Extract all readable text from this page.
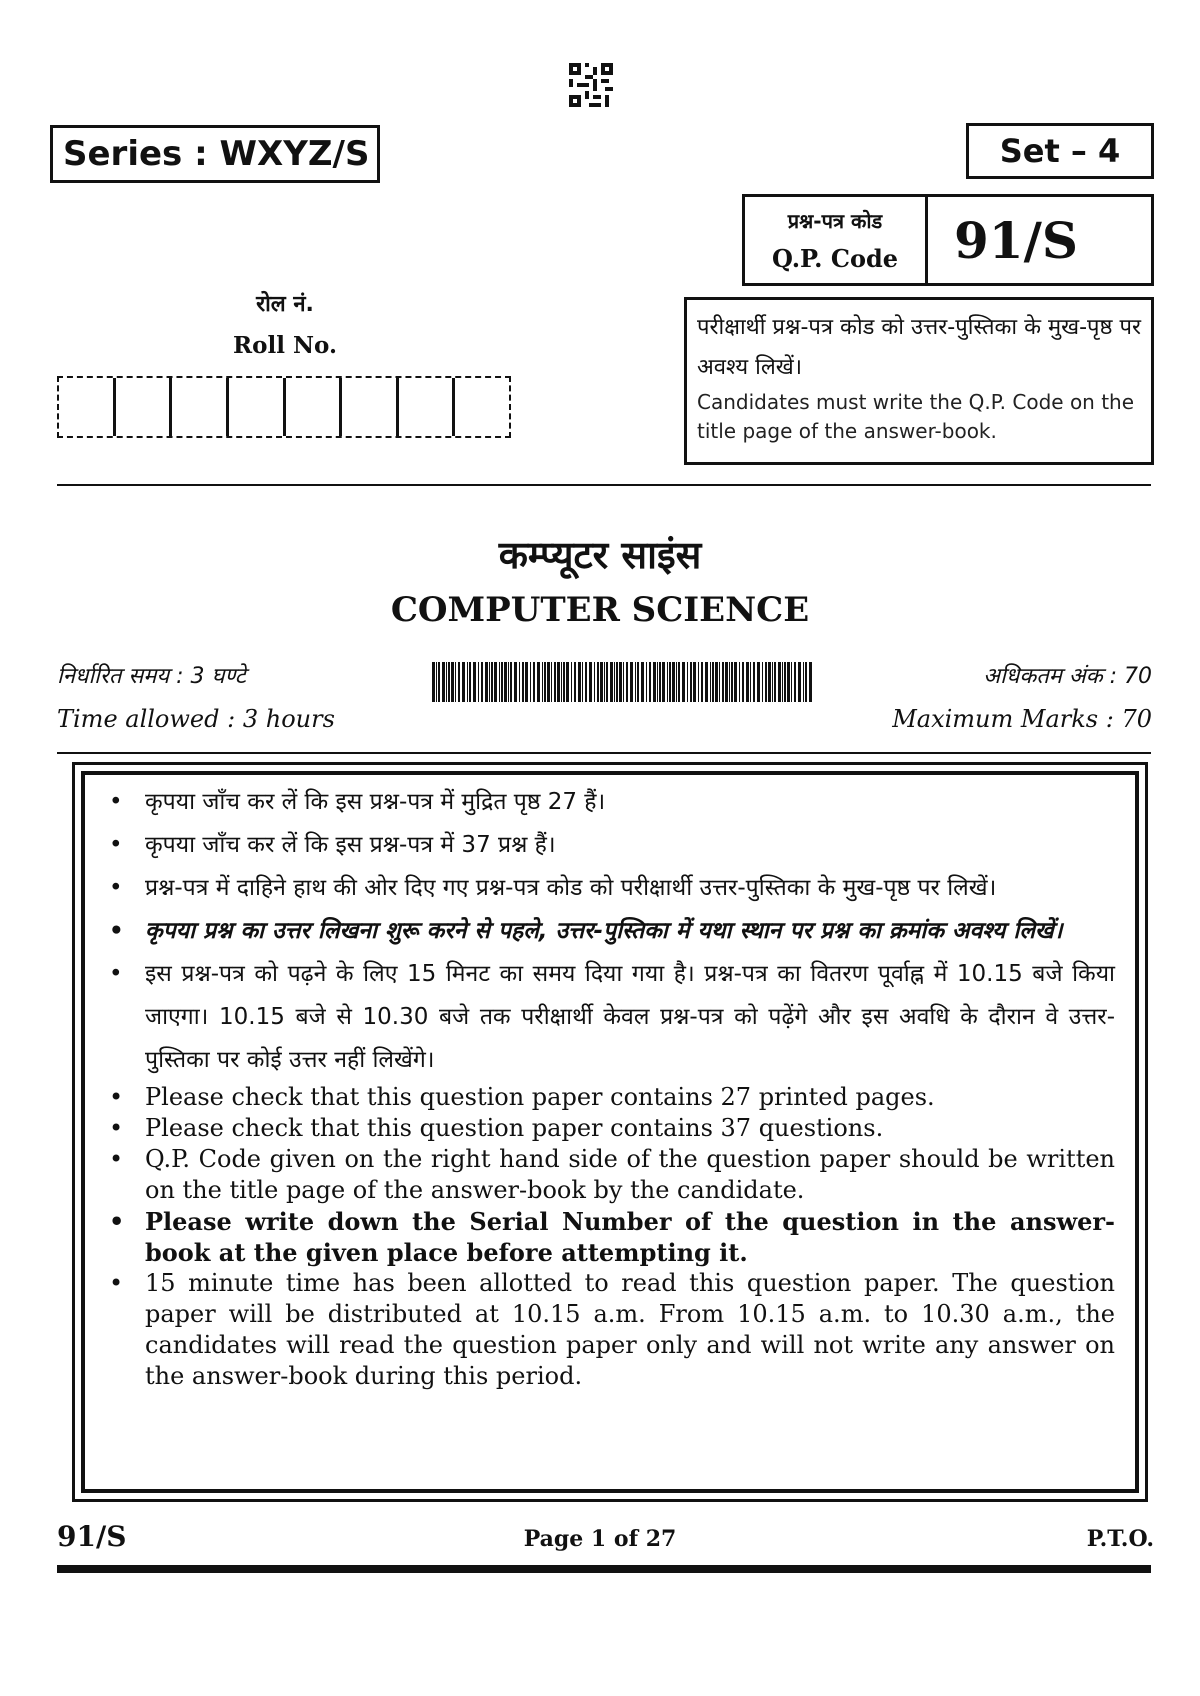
Series : WXYZ/S	Set – 4
प्रश्न-पत्र कोड
Q.P. Code	91/S
परीक्षार्थी प्रश्न-पत्र कोड को उत्तर-पुस्तिका के मुख-पृष्ठ पर अवश्य लिखें।
Candidates must write the Q.P. Code on the title page of the answer-book.
रोल नं.
Roll No.
कम्प्यूटर साइंस
COMPUTER SCIENCE
निर्धारित समय : 3 घण्टे
Time allowed : 3 hours
अधिकतम अंक : 70
Maximum Marks : 70
• कृपया जाँच कर लें कि इस प्रश्न-पत्र में मुद्रित पृष्ठ 27 हैं।
• कृपया जाँच कर लें कि इस प्रश्न-पत्र में 37 प्रश्न हैं।
• प्रश्न-पत्र में दाहिने हाथ की ओर दिए गए प्रश्न-पत्र कोड को परीक्षार्थी उत्तर-पुस्तिका के मुख-पृष्ठ पर लिखें।
• कृपया प्रश्न का उत्तर लिखना शुरू करने से पहले, उत्तर-पुस्तिका में यथा स्थान पर प्रश्न का क्रमांक अवश्य लिखें।
• इस प्रश्न-पत्र को पढ़ने के लिए 15 मिनट का समय दिया गया है। प्रश्न-पत्र का वितरण पूर्वाह्न में 10.15 बजे किया जाएगा। 10.15 बजे से 10.30 बजे तक परीक्षार्थी केवल प्रश्न-पत्र को पढ़ेंगे और इस अवधि के दौरान वे उत्तर-पुस्तिका पर कोई उत्तर नहीं लिखेंगे।
• Please check that this question paper contains 27 printed pages.
• Please check that this question paper contains 37 questions.
• Q.P. Code given on the right hand side of the question paper should be written on the title page of the answer-book by the candidate.
• Please write down the Serial Number of the question in the answer-book at the given place before attempting it.
• 15 minute time has been allotted to read this question paper. The question paper will be distributed at 10.15 a.m. From 10.15 a.m. to 10.30 a.m., the candidates will read the question paper only and will not write any answer on the answer-book during this period.
91/S	Page 1 of 27	P.T.O.
